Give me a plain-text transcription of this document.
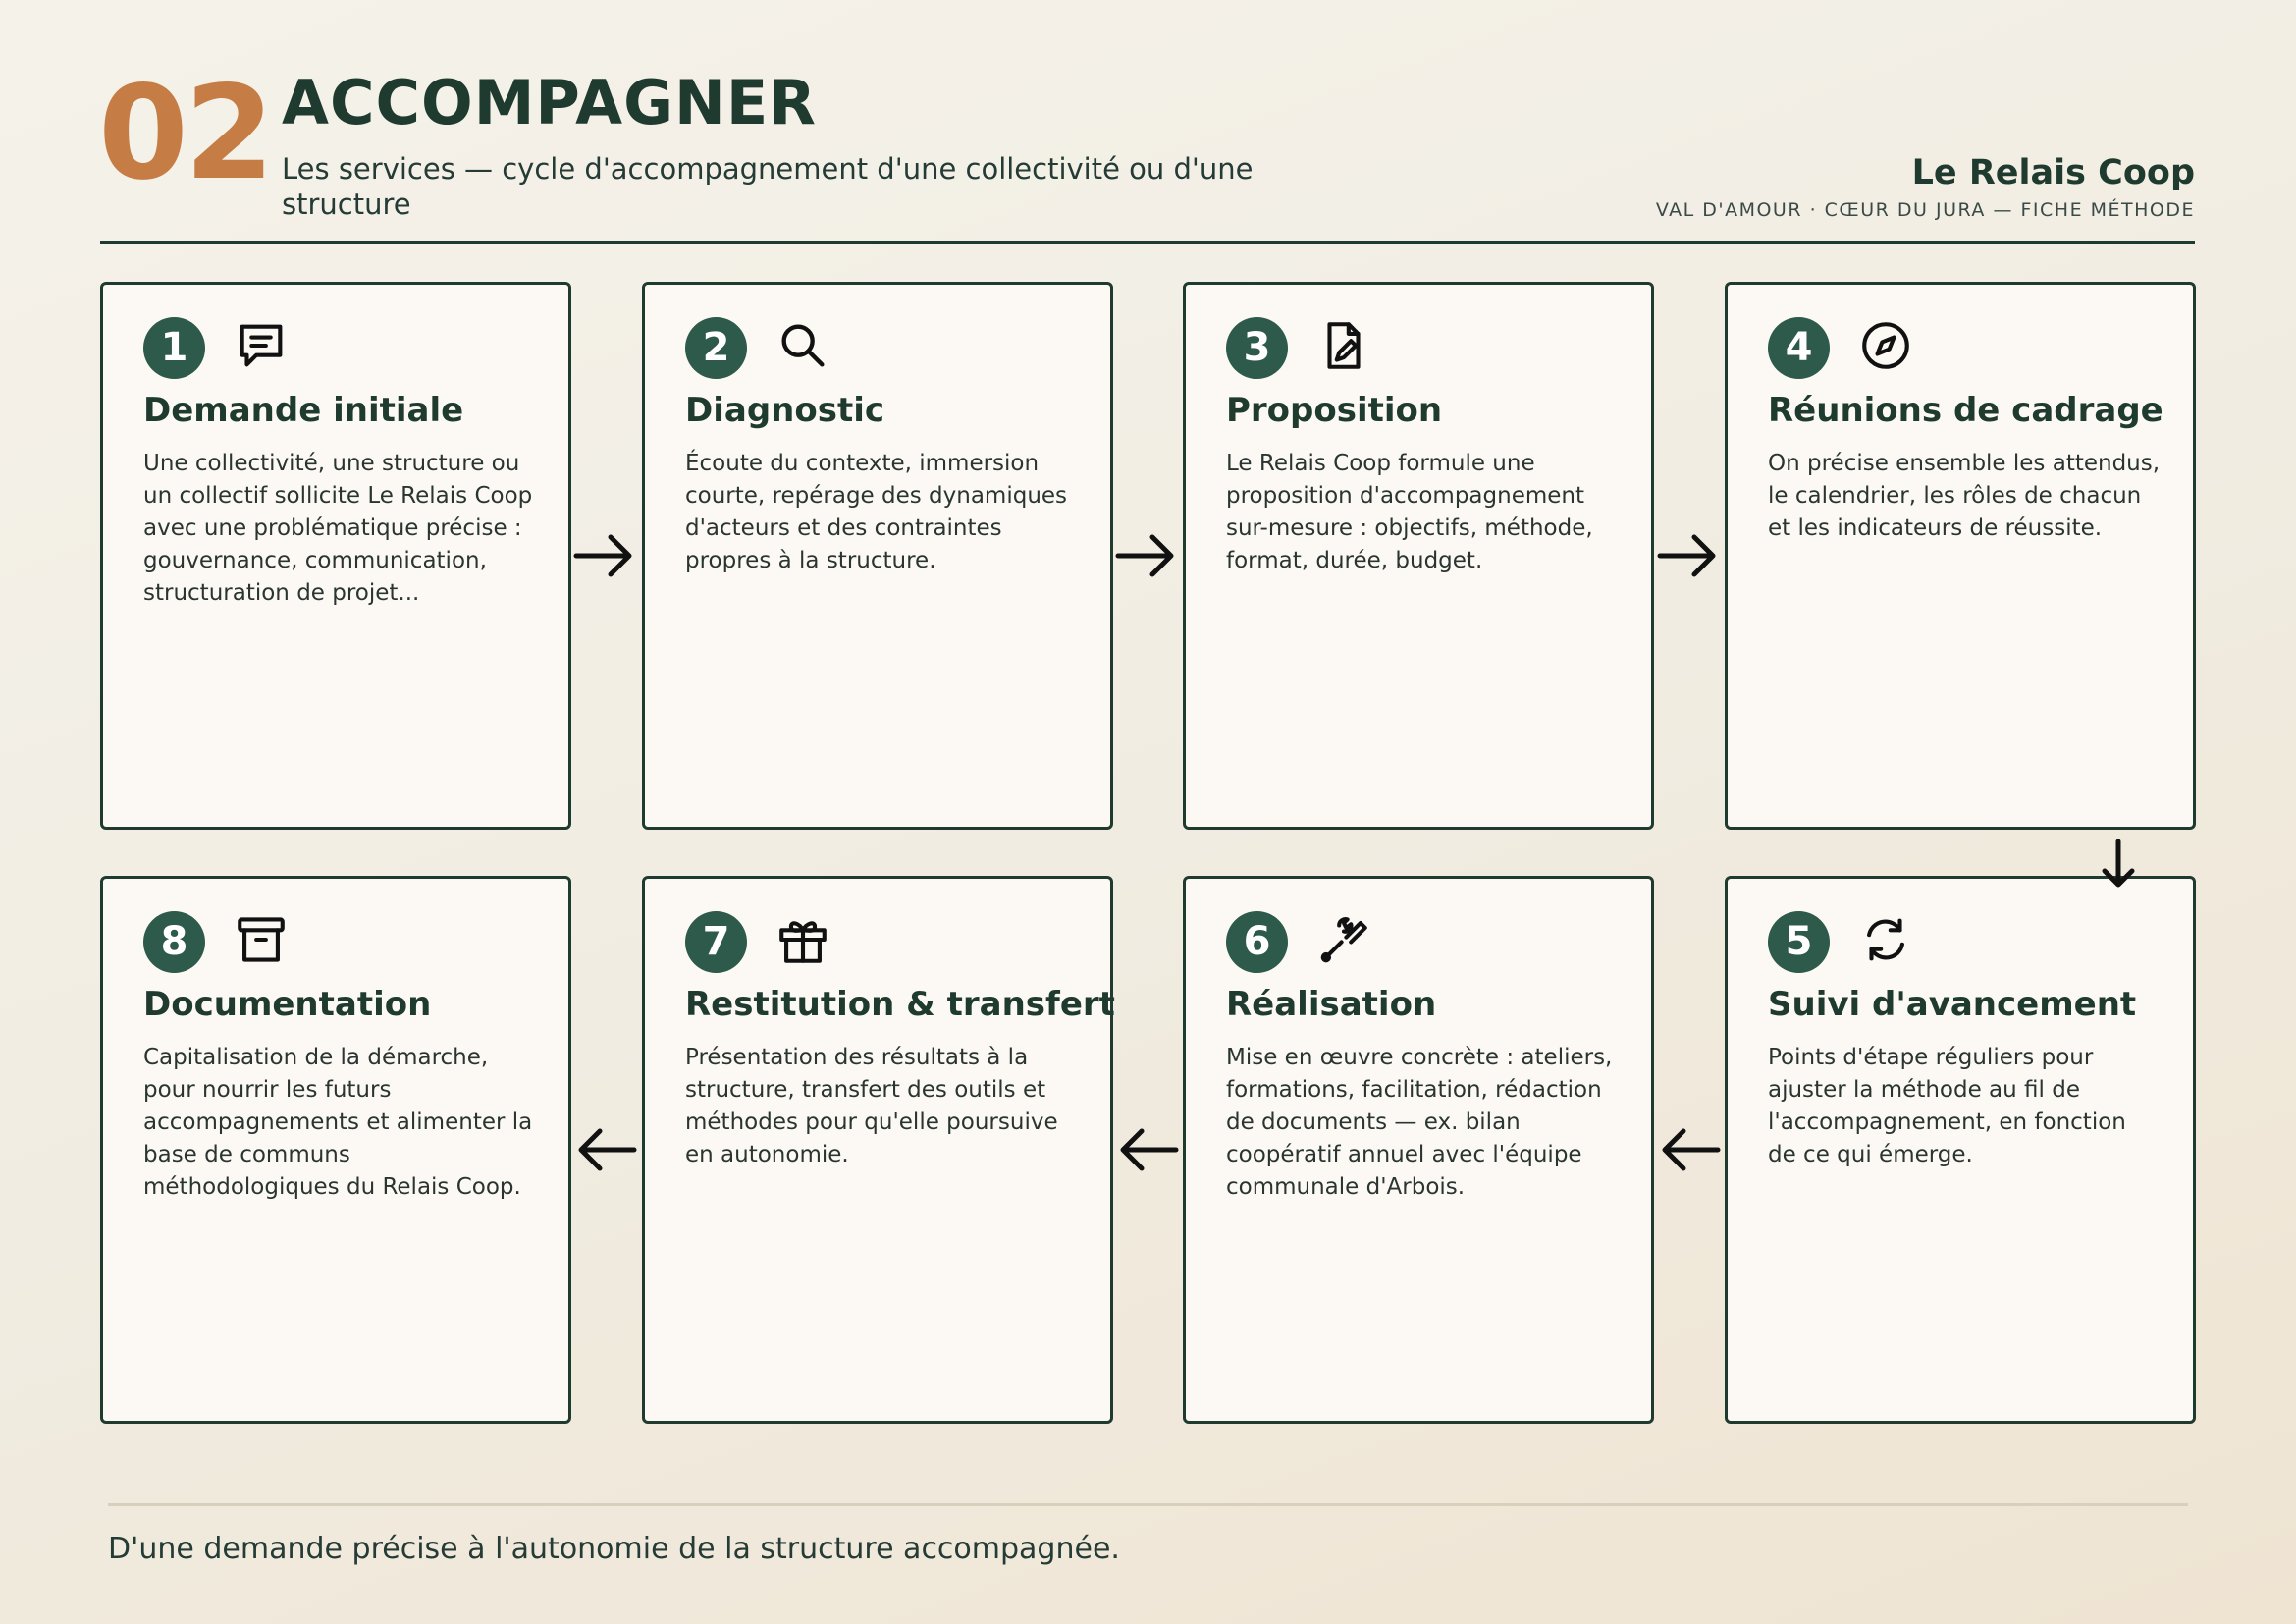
02 ACCOMPAGNER
Les services — cycle d'accompagnement d'une collectivité ou d'une structure
Le Relais Coop
VAL D'AMOUR · CŒUR DU JURA — FICHE MÉTHODE
1
Demande initiale

Une collectivité, une structure ou un collectif sollicite Le Relais Coop avec une problématique précise : gouvernance, communication, structuration de projet...

2
Diagnostic

Écoute du contexte, immersion courte, repérage des dynamiques d'acteurs et des contraintes propres à la structure.

3
Proposition

Le Relais Coop formule une proposition d'accompagnement sur-mesure : objectifs, méthode, format, durée, budget.

4
Réunions de cadrage

On précise ensemble les attendus, le calendrier, les rôles de chacun et les indicateurs de réussite.

8
Documentation

Capitalisation de la démarche, pour nourrir les futurs accompagnements et alimenter la base de communs méthodologiques du Relais Coop.

7
Restitution & transfert

Présentation des résultats à la structure, transfert des outils et méthodes pour qu'elle poursuive en autonomie.

6
Réalisation

Mise en œuvre concrète : ateliers, formations, facilitation, rédaction de documents — ex. bilan coopératif annuel avec l'équipe communale d'Arbois.

5
Suivi d'avancement

Points d'étape réguliers pour ajuster la méthode au fil de l'accompagnement, en fonction de ce qui émerge.

D'une demande précise à l'autonomie de la structure accompagnée.
